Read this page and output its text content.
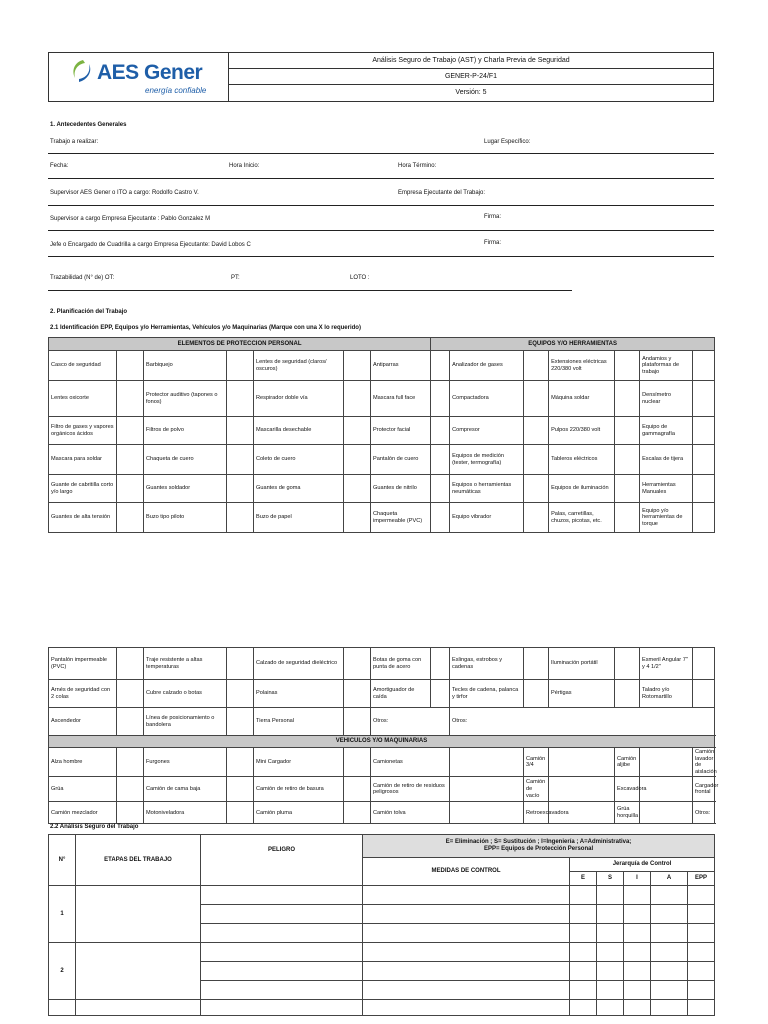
AES Gener
energía confiable
Análisis Seguro de Trabajo (AST) y Charla Previa de Seguridad
GENER-P-24/F1
Versión: 5
1. Antecedentes Generales
Trabajo a realizar:	Lugar Específico:
Fecha:	Hora Inicio:	Hora Término:
Supervisor AES Gener o ITO a cargo: Rodolfo Castro V.	Empresa Ejecutante del Trabajo:
Supervisor a cargo Empresa Ejecutante : Pablo Gonzalez M	Firma:
Jefe o Encargado de Cuadrilla a cargo Empresa Ejecutante: David Lobos C	Firma:
Trazabilidad (N° de) OT:	PT:	LOTO :
2. Planificación del Trabajo
2.1 Identificación EPP, Equipos y/o Herramientas, Vehículos y/o Maquinarias (Marque con una X lo requerido)
ELEMENTOS DE PROTECCION PERSONAL							EQUIPOS Y/O HERRAMIENTAS							
Casco de seguridad		Barbiquejo		Lentes de seguridad (claros/ oscuros)		Antiparras		Analizador de gases		Extensiones eléctricas 220/380 volt		Andamios y plataformas de trabajo			
Lentes oxicorte		Protector auditivo (tapones o fonos)		Respirador doble vía		Mascara full face		Compactadora		Máquina soldar		Densímetro nuclear			
Filtro de gases y vapores orgánicos ácidos		Filtros de polvo		Mascarilla desechable		Protector facial		Compresor		Pulpos 220/380 volt		Equipo de gammagrafía			
Mascara para soldar		Chaqueta de cuero		Coleto de cuero		Pantalón de cuero		Equipos de medición (tester, termografía)		Tableros eléctricos		Escalas de tijera			
Guante de cabritilla corto y/o largo		Guantes soldador		Guantes de goma		Guantes de nitrilo		Equipos o herramientas neumáticas		Equipos de iluminación		Herramientas Manuales			
Guantes de alta tensión		Buzo tipo piloto		Buzo de papel		Chaqueta impermeable (PVC)		Equipo vibrador		Palas, carretillas, chuzos, picotas, etc.		Equipo y/o herramientas de torque			
Pantalón impermeable (PVC)		Traje resistente a altas temperaturas		Calzado de seguridad dieléctrico		Botas de goma con punta de acero		Eslingas, estrobos y cadenas		Iluminación portátil		Esmeril Angular 7" y 4 1/2"			
Arnés de seguridad con 2 colas		Cubre calzado o botas		Polainas		Amortiguador de caída		Tecles de cadena, palanca y tirfor		Pértigas		Taladro y/o Rotomartillo			
Ascendedor		Línea de posicionamiento o bandolera		Tierra Personal		Otros:		Otros:						
VEHICULOS Y/O MAQUINARIAS														
Alza hombre		Furgones		Mini Cargador		Camionetas			Camión 3/4		Camión aljibe		Camión lavador de aislación	
Grúa		Camión de cama baja		Camión de retiro de basura		Camión de retiro de residuos peligrosos			Camión de vacío		Excavadora		Cargador frontal	
Camión mezclador		Motoniveladora		Camión pluma		Camión tolva			Retroexcavadora		Grúa horquilla		Otros:	
2.2 Análisis Seguro del Trabajo
N°	ETAPAS DEL TRABAJO	PELIGRO	E= Eliminación ; S= Sustitución ; I=Ingeniería ; A=Administrativa;
EPP= Equipos de Protección Personal					

			MEDIDAS DE CONTROL	Jerarquía de Control				
				E	S	I	A	EPP
1								

2								
